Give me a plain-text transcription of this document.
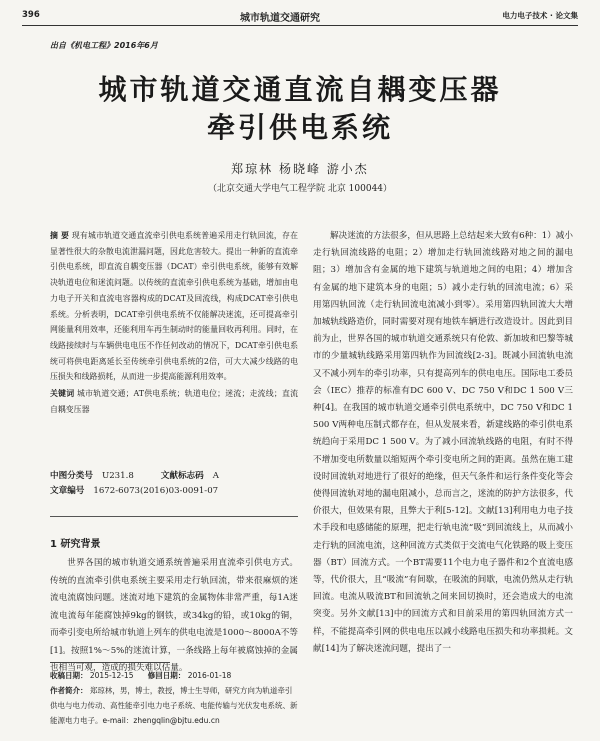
396	城市轨道交通研究	电力电子技术 · 论文集
出自《机电工程》2016年6月
城市轨道交通直流自耦变压器
牵引供电系统
郑琼林 杨晓峰 游小杰
（北京交通大学电气工程学院 北京 100044）
摘 要 现有城市轨道交通直流牵引供电系统普遍采用走行轨回流，存在显著性很大的杂散电流泄漏问题，因此危害较大。提出一种新的直流牵引供电系统，即直流自耦变压器（DCAT）牵引供电系统，能够有效解决轨道电位和迷流问题。以传统的直流牵引供电系统为基础，增加由电力电子开关和直流电容器构成的DCAT及回流线，构成DCAT牵引供电系统。分析表明，DCAT牵引供电系统不仅能解决迷流，还可提高牵引网能量利用效率，还能利用车再生制动时的能量回收再利用。同时，在线路接续时与车辆供电电压不作任何改动的情况下，DCAT牵引供电系统可将供电距离延长至传统牵引供电系统的2倍，可大大减少线路的电压损失和线路损耗，从而进一步提高能源利用效率。
关键词 城市轨道交通；AT供电系统；轨道电位；迷流；走流线；直流自耦变压器
中图分类号 U231.8	文献标志码 A
文章编号 1672-6073(2016)03-0091-07
1 研究背景
世界各国的城市轨道交通系统普遍采用直流牵引供电方式。传统的直流牵引供电系统主要采用走行轨回流，带来很麻烦的迷流电流腐蚀问题。迷流对地下建筑的金属物体非常严重，每1A迷流电流每年能腐蚀掉9kg的钢铁，或34kg的铅，或10kg的铜，而牵引变电所给城市轨道上列车的供电电流是1000～8000A不等[1]。按照1%～5%的迷流计算，一条线路上每年被腐蚀掉的金属也相当可观，造成的损失难以估量。
解决迷流的方法很多，但从思路上总结起来大致有6种：1）减小走行轨回流线路的电阻；2）增加走行轨回流线路对地之间的漏电阻；3）增加含有金属的地下建筑与轨道地之间的电阻；4）增加含有金属的地下建筑本身的电阻；5）减小走行轨的回流电流；6）采用第四轨回流（走行轨回流电流减小到零）。采用第四轨回流大大增加城轨线路造价，同时需要对现有地铁车辆进行改造设计。因此到目前为止，世界各国的城市轨道交通系统只有伦敦、新加坡和巴黎等城市的少量城轨线路采用第四轨作为回流线[2-3]。既减小回流轨电流又不减小列车的牵引功率，只有提高列车的供电电压。国际电工委员会（IEC）推荐的标准有DC 600 V、DC 750 V和DC 1 500 V三种[4]。在我国的城市轨道交通牵引供电系统中，DC 750 V和DC 1 500 V两种电压制式都存在，但从发展来看，新建线路的牵引供电系统趋向于采用DC 1 500 V。为了减小回流轨线路的电阻，有时不得不增加变电所数量以缩短两个牵引变电所之间的距离。虽然在施工建设时回流轨对地进行了很好的绝缘，但天气条件和运行条件变化等会使得回流轨对地的漏电阻减小，总而言之，迷流的防护方法很多，代价很大，但效果有限，且弊大于利[5-12]。文献[13]利用电力电子技术手段和电感储能的原理，把走行轨电流“吸”到回流线上，从而减小走行轨的回流电流，这种回流方式类似于交流电气化铁路的吸上变压器（BT）回流方式。一个BT需要11个电力电子器件和2个直流电感等，代价很大，且“吸流”有间歇，在吸流的间歇，电流仍然从走行轨回流。电流从吸流BT和回流轨之间来回切换时，还会造成大的电流突变。另外文献[13]中的回流方式和目前采用的第四轨回流方式一样，不能提高牵引网的供电电压以减小线路电压损失和功率损耗。文献[14]为了解决迷流问题，提出了一
收稿日期： 2015-12-15 修回日期： 2016-01-18
作者简介： 郑琼林，男，博士，教授，博士生导师，研究方向为轨道牵引供电与电力传动、高性能牵引电力电子系统、电能传输与光伏发电系统、新能源电力电子。e-mail：zhengqlin@bjtu.edu.cn
